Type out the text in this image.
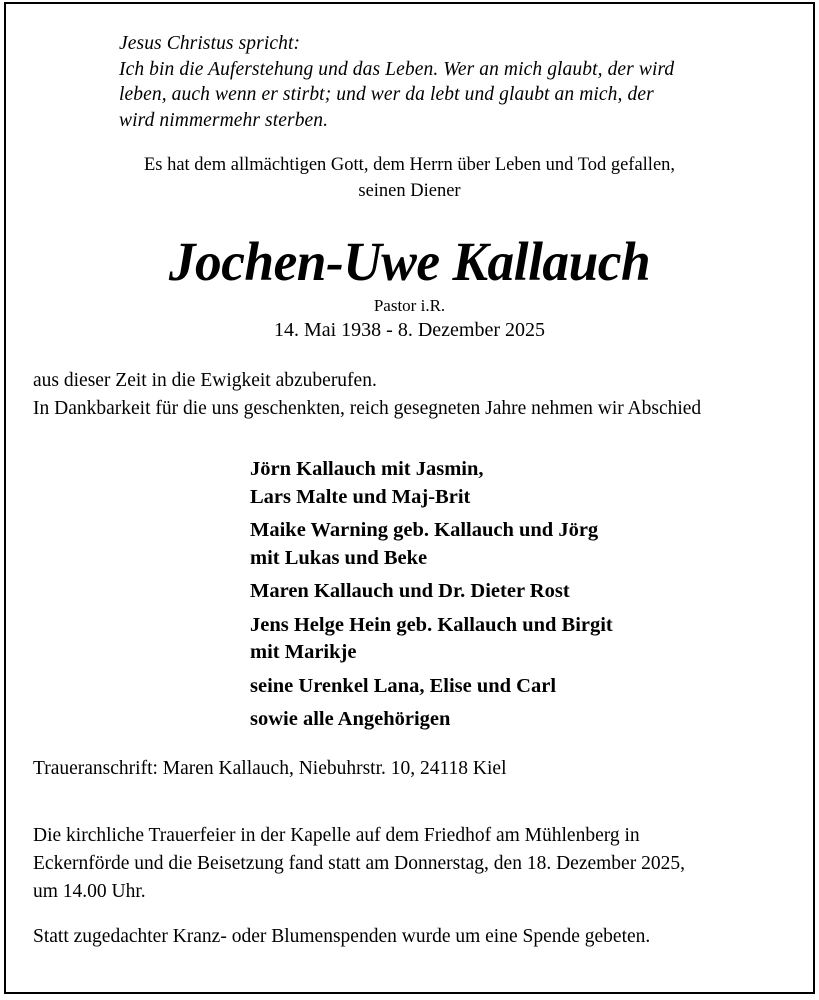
Jesus Christus spricht:
Ich bin die Auferstehung und das Leben. Wer an mich glaubt, der wird
leben, auch wenn er stirbt; und wer da lebt und glaubt an mich, der
wird nimmermehr sterben.
Es hat dem allmächtigen Gott, dem Herrn über Leben und Tod gefallen,
seinen Diener
Jochen-Uwe Kallauch
Pastor i.R.
14. Mai 1938 - 8. Dezember 2025
aus dieser Zeit in die Ewigkeit abzuberufen.
In Dankbarkeit für die uns geschenkten, reich gesegneten Jahre nehmen wir Abschied
Jörn Kallauch mit Jasmin,
Lars Malte und Maj-Brit
Maike Warning geb. Kallauch und Jörg
mit Lukas und Beke
Maren Kallauch und Dr. Dieter Rost
Jens Helge Hein geb. Kallauch und Birgit
mit Marikje
seine Urenkel Lana, Elise und Carl
sowie alle Angehörigen
Traueranschrift: Maren Kallauch, Niebuhrstr. 10, 24118 Kiel
Die kirchliche Trauerfeier in der Kapelle auf dem Friedhof am Mühlenberg in
Eckernförde und die Beisetzung fand statt am Donnerstag, den 18. Dezember 2025,
um 14.00 Uhr.
Statt zugedachter Kranz- oder Blumenspenden wurde um eine Spende gebeten.
